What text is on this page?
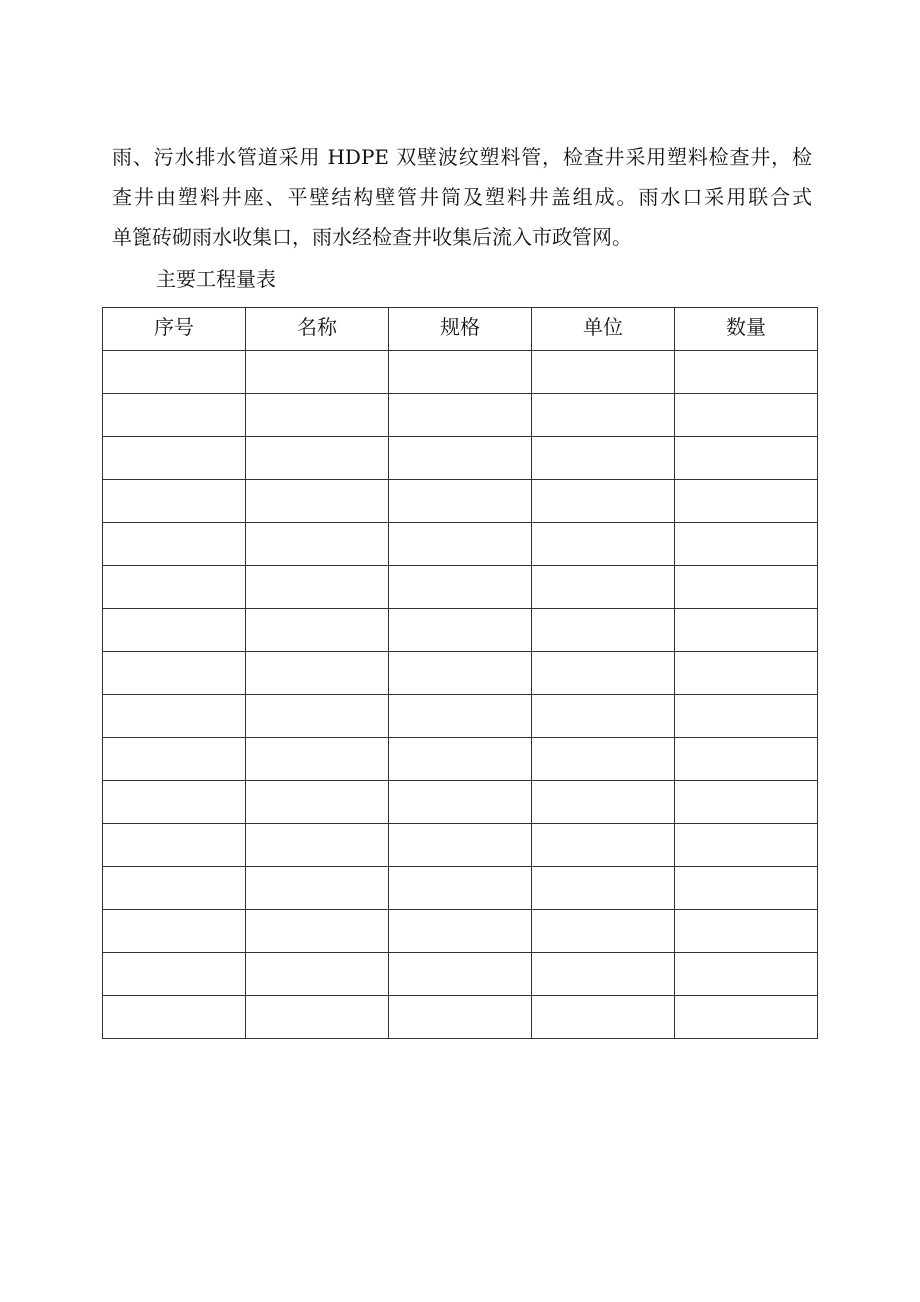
雨、污水排水管道采用 HDPE 双壁波纹塑料管，检查井采用塑料检查井，检
查井由塑料井座、平壁结构壁管井筒及塑料井盖组成。雨水口采用联合式
单篦砖砌雨水收集口，雨水经检查井收集后流入市政管网。

主要工程量表

序号	名称	规格	单位	数量
